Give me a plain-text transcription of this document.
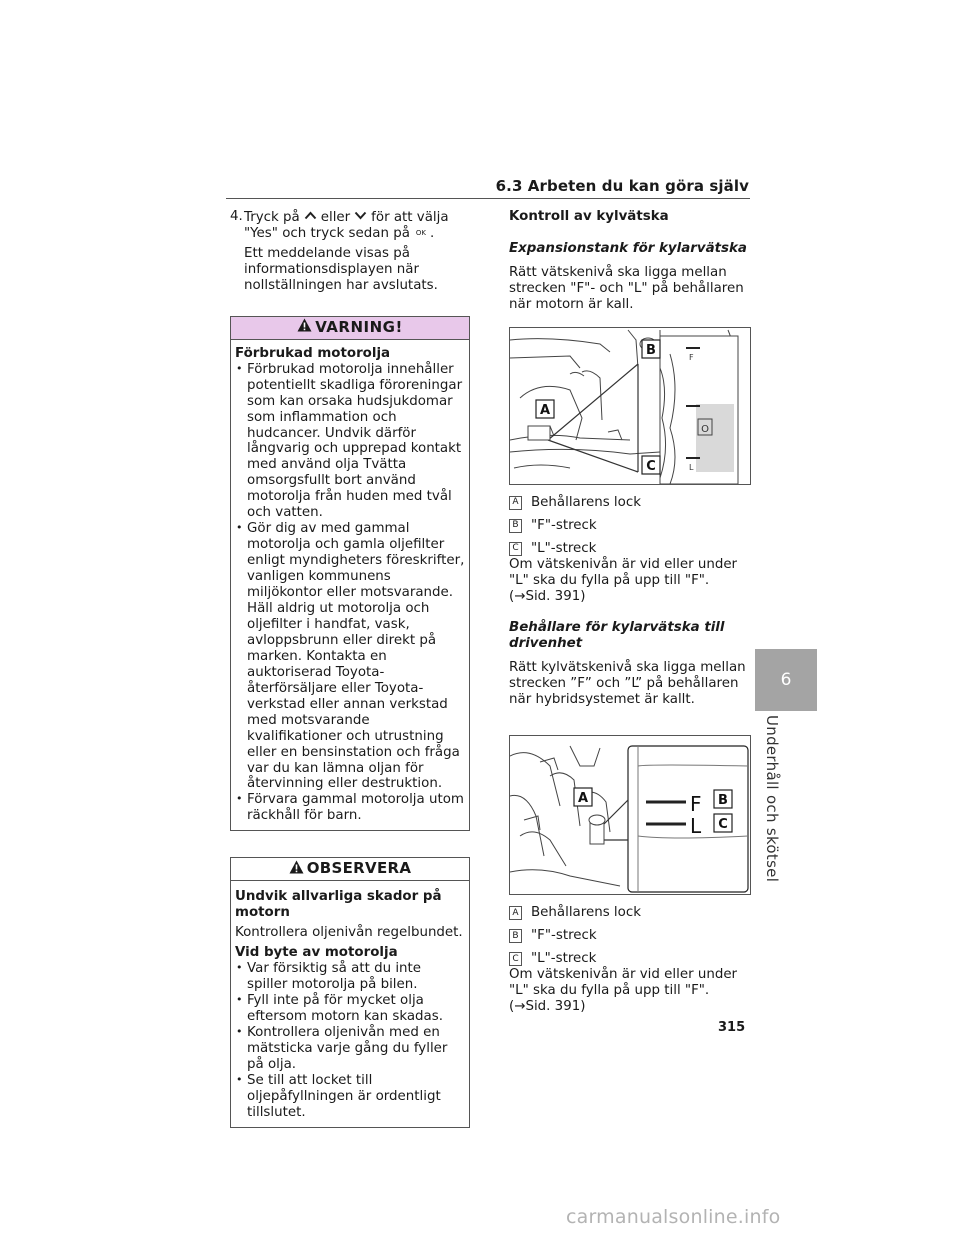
6.3 Arbeten du kan göra själv
6
Underhåll och skötsel
4. Tryck på eller för att välja
"Yes" och tryck sedan på OK .

Ett meddelande visas på informationsdisplayen när nollställningen har avslutats.

VARNING!

Förbrukad motorolja

• Förbrukad motorolja innehåller potentiellt skadliga föroreningar som kan orsaka hudsjukdomar som inflammation och hudcancer. Undvik därför långvarig och upprepad kontakt med använd olja Tvätta omsorgsfullt bort använd motorolja från huden med tvål och vatten.
• Gör dig av med gammal motorolja och gamla oljefilter enligt myndigheters föreskrifter, vanligen kommunens miljökontor eller motsvarande. Häll aldrig ut motorolja och oljefilter i handfat, vask, avloppsbrunn eller direkt på marken. Kontakta en auktoriserad Toyota-återförsäljare eller Toyota-verkstad eller annan verkstad med motsvarande kvalifikationer och utrustning eller en bensinstation och fråga var du kan lämna oljan för återvinning eller destruktion.
• Förvara gammal motorolja utom räckhåll för barn.
OBSERVERA

Undvik allvarliga skador på motorn

Kontrollera oljenivån regelbundet.

Vid byte av motorolja

• Var försiktig så att du inte spiller motorolja på bilen.
• Fyll inte på för mycket olja eftersom motorn kan skadas.
• Kontrollera oljenivån med en mätsticka varje gång du fyller på olja.
• Se till att locket till oljepåfyllningen är ordentligt tillslutet.

Kontroll av kylvätska

Expansionstank för kylarvätska

Rätt vätskenivå ska ligga mellan strecken "F"- och "L" på behållaren när motorn är kall.

A
B
C
F
L
O
A Behållarens lock
B "F"-streck
C "L"-streck

Om vätskenivån är vid eller under "L" ska du fylla på upp till "F". (→Sid. 391)

Behållare för kylarvätska till drivenhet

Rätt kylvätskenivå ska ligga mellan strecken ”F” och ”L” på behållaren när hybridsystemet är kallt.

A	B
C
F
L
A Behållarens lock
B "F"-streck
C "L"-streck

Om vätskenivån är vid eller under "L" ska du fylla på upp till "F". (→Sid. 391)

315
carmanualsonline.info
